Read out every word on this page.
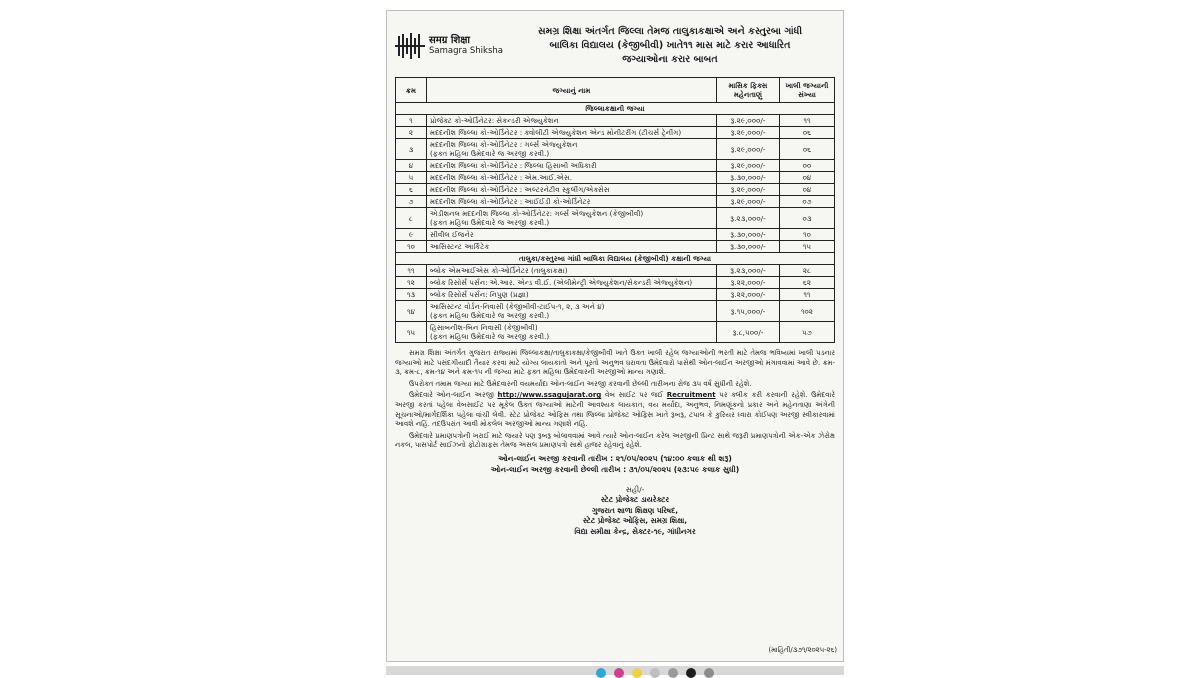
समग्र शिक्षा
Samagra Shiksha
સમગ્ર શિક્ષા અંતર્ગત જિલ્લા તેમજ તાલુકાકક્ષાએ અને કસ્તુરબા ગાંધી
બાલિકા વિદ્યાલય (કેજીબીવી) ખાતે૧૧ માસ માટે કરાર આધારિત
જગ્યાઓના કરાર બાબત
ક્રમ	જગ્યાનું નામ	માસિક ફિક્સ મહેનતાણું	ખાલી જગ્યાની સંખ્યા
જિલ્લાકક્ષાની જગ્યા			
૧	પ્રોજેક્ટ કો-ઓર્ડિનેટર: સેકન્ડરી એજ્યુકેશન	રૂ.૨૯,૦૦૦/-	૧૧
૨	મદદનીશ જિલ્લા કો-ઓર્ડિનેટર : ક્વોલીટી એજ્યુકેશન એન્ડ મોનીટરીંગ (ટીચર્સ ટ્રેનીંગ)	રૂ.૨૯,૦૦૦/-	૦૬
૩	મદદનીશ જિલ્લા કો-ઓર્ડિનેટર : ગર્લ્સ એજ્યુકેશન
(ફક્ત મહિલા ઉમેદવારે જ અરજી કરવી.)	રૂ.૨૯,૦૦૦/-	૦૬
૪	મદદનીશ જિલ્લા કો-ઓર્ડિનેટર : જિલ્લા હિસાબી અધિકારી	રૂ.૨૯,૦૦૦/-	૦૦
૫	મદદનીશ જિલ્લા કો-ઓર્ડિનેટર : એમ.આઈ.એસ.	રૂ.૩૦,૦૦૦/-	૦૪
૬	મદદનીશ જિલ્લા કો-ઓર્ડિનેટર : અલ્ટરનેટીવ સ્કુલીંગ/એક્સેસ	રૂ.૨૯,૦૦૦/-	૦૪
૭	મદદનીશ જિલ્લા કો-ઓર્ડિનેટર : આઈઈડી કો-ઓર્ડિનેટર	રૂ.૨૯,૦૦૦/-	૦૭
૮	એડીશનલ મદદનીશ જિલ્લા કો-ઓર્ડિનેટર: ગર્લ્સ એજ્યુકેશન (કેજીબીવી)
(ફક્ત મહિલા ઉમેદવારે જ અરજી કરવી.)	રૂ.૨૩,૦૦૦/-	૦૩
૯	સીવીલ ઈજનેર	રૂ.૩૦,૦૦૦/-	૧૦
૧૦	આસિસ્ટન્ટ આર્કિટેક	રૂ.૩૦,૦૦૦/-	૧૫
તાલુકા/કસ્તુરબા ગાંધી બાલિકા વિદ્યાલય (કેજીબીવી) કક્ષાની જગ્યા			
૧૧	બ્લોક એમઆઈએસ કો-ઓર્ડિનેટર (તાલુકાકક્ષા)	રૂ.૨૩,૦૦૦/-	૨૮
૧૨	બ્લોક રિસોર્સ પર્સન: એ.આર. એન્ડ વી.ઈ. (એલીમેન્ટ્રી એજ્યુકેશન/સેકન્ડરી એજ્યુકેશન)	રૂ.૨૨,૦૦૦/-	૬૨
૧૩	બ્લોક રિસોર્સ પર્સન: નિપુણ (પ્રજ્ઞા)	રૂ.૨૨,૦૦૦/-	૧૧
૧૪	આસિસ્ટન્ટ વોર્ડન-નિવાસી (કેજીબીવી-ટાઈપ-૧, ૨, ૩ અને ૪)
(ફક્ત મહિલા ઉમેદવારે જ અરજી કરવી.)	રૂ.૧૫,૦૦૦/-	૧૦૨
૧૫	હિસાબનીશ-બિન નિવાસી (કેજીબીવી)
(ફક્ત મહિલા ઉમેદવારે જ અરજી કરવી.)	રૂ.૮,૫૦૦/-	૫૭

સમગ્ર શિક્ષા અંતર્ગત ગુજરાત રાજ્યમાં જિલ્લાકક્ષા/તાલુકાકક્ષા/કેજીબીવી ખાતે ઉક્ત ખાલી રહેલ જગ્યાઓની ભરતી માટે તેમજ ભવિષ્યમાં ખાલી પડનાર જગ્યાઓ માટે પસંદગીયાદી તૈયાર કરવા માટે યોગ્ય લાયકાતો અને પૂરતો અનુભવ ધરાવતા ઉમેદવારો પાસેથી ઓન-લાઈન અરજીઓ મંગાવવામાં આવે છે. ક્રમ- ૩, ક્રમ-૮, ક્રમ-૧૪ અને ક્રમ-૧૫ ની જગ્યા માટે ફક્ત મહિલા ઉમેદવારની અરજીઓ માન્ય ગણાશે.

ઉપરોક્ત તમામ જગ્યા માટે ઉમેદવારની વયમર્યાદા ઓન-લાઈન અરજી કરવાની છેલ્લી તારીખના રોજ ૩૫ વર્ષ સુધીની રહેશે.

ઉમેદવારે ઓન-લાઈન અરજી http://www.ssagujarat.org વેબ સાઈટ પર જઈ Recruitment પર ક્લીક કરી કરવાની રહેશે. ઉમેદવારે અરજી કરતાં પહેલા વેબસાઈટ પર મૂકેલ ઉક્ત જગ્યાઓ માટેની આવશ્યક લાયકાત, વય મર્યાદા, અનુભવ, નિમણૂંકનો પ્રકાર અને મહેનતાણા અંગેની સૂચનાઓ/માર્ગદર્શિકા પહેલા વાંચી લેવી. સ્ટેટ પ્રોજેક્ટ ઓફિસ તથા જિલ્લા પ્રોજેક્ટ ઓફિસ ખાતે રૂબરૂ, ટપાલ કે કુરિયર ધ્વારા કોઈપણ અરજી સ્વીકારવામાં આવશે નહિં. તદઉપરાંત આવી મોકલેલ અરજીઓ માન્ય ગણાશે નહિં.

ઉમેદવારે પ્રમાણપત્રોની ખરાઈ માટે જયારે પણ રૂબરૂ બોલાવવામાં આવે ત્યારે ઓન-લાઈન કરેલ અરજીની પ્રિન્ટ સાથે જરૂરી પ્રમાણપત્રોની એક-એક ઝેરોક્ષ નકલ, પાસપોર્ટ સાઈઝનો ફોટોગ્રાફસ તેમજ અસલ પ્રમાણપત્રો સાથે હાજર રહેવાનું રહેશે.

ઓન-લાઈન અરજી કરવાની તારીખ : ૨૧/૦૫/૨૦૨૫ (૧૪:૦૦ કલાક થી શરૂ)
ઓન-લાઈન અરજી કરવાની છેલ્લી તારીખ : ૩૧/૦૫/૨૦૨૫ (૨૩:૫૯ કલાક સુધી)
સહી/-
સ્ટેટ પ્રોજેક્ટ ડાયરેક્ટર
ગુજરાત શાળા શિક્ષણ પરિષદ,
સ્ટેટ પ્રોજેક્ટ ઓફિસ, સમગ્ર શિક્ષા,
વિદ્યા સમીક્ષા કેન્દ્ર, સેક્ટર-૧૯, ગાંધીનગર
(માહિતી/૩૭૧/૨૦૨૫-૨૬)
